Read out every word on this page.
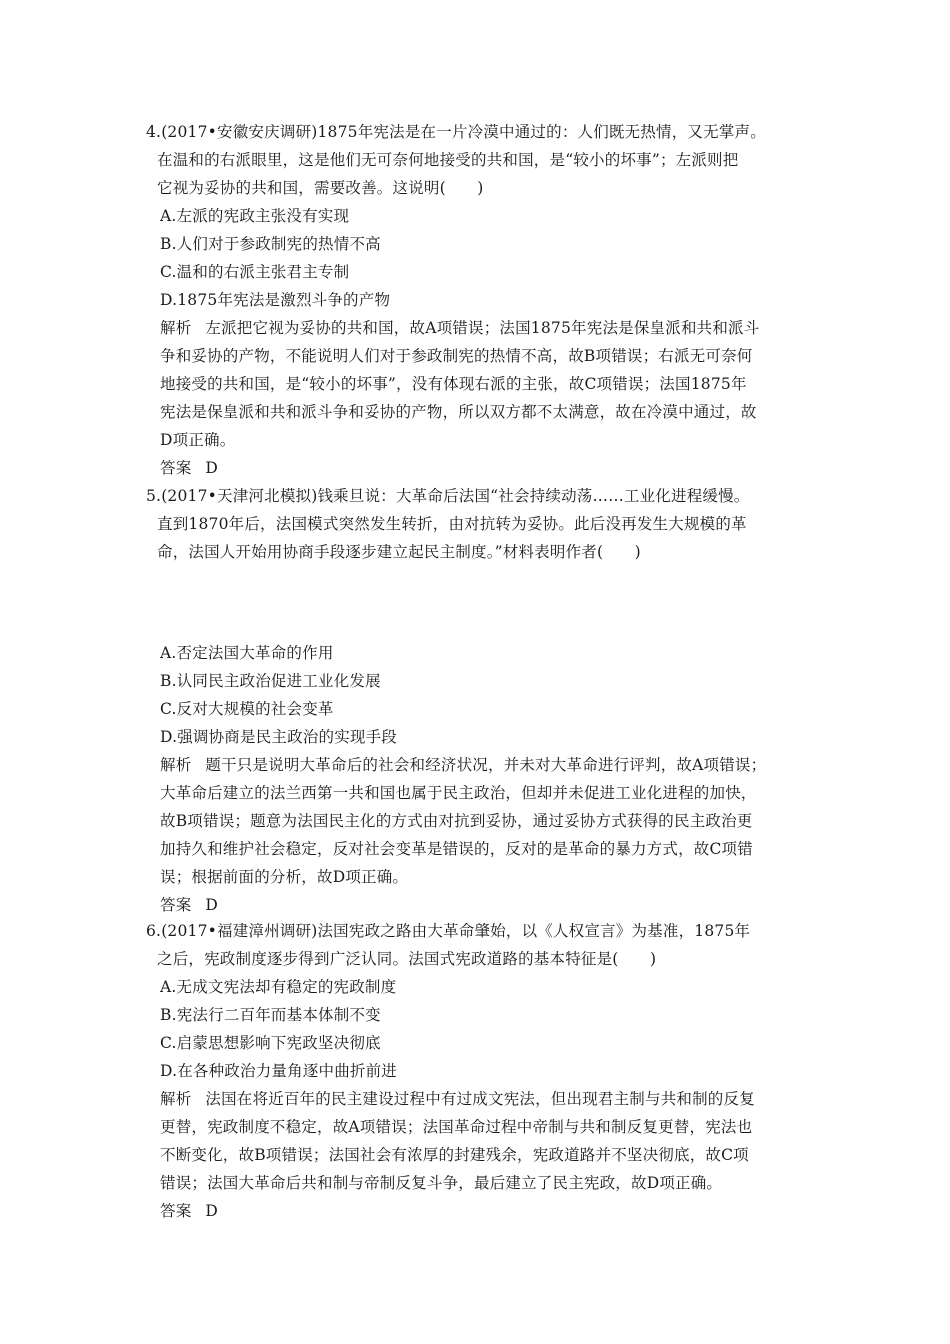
4.(2017•安徽安庆调研)1875年宪法是在一片冷漠中通过的：人们既无热情，又无掌声。
在温和的右派眼里，这是他们无可奈何地接受的共和国，是“较小的坏事”；左派则把
它视为妥协的共和国，需要改善。这说明(　　)
A.左派的宪政主张没有实现
B.人们对于参政制宪的热情不高
C.温和的右派主张君主专制
D.1875年宪法是激烈斗争的产物
解析 左派把它视为妥协的共和国，故A项错误；法国1875年宪法是保皇派和共和派斗
争和妥协的产物，不能说明人们对于参政制宪的热情不高，故B项错误；右派无可奈何
地接受的共和国，是“较小的坏事”，没有体现右派的主张，故C项错误；法国1875年
宪法是保皇派和共和派斗争和妥协的产物，所以双方都不太满意，故在冷漠中通过，故
D项正确。
答案 D
5.(2017•天津河北模拟)钱乘旦说：大革命后法国“社会持续动荡……工业化进程缓慢。
直到1870年后，法国模式突然发生转折，由对抗转为妥协。此后没再发生大规模的革
命，法国人开始用协商手段逐步建立起民主制度。”材料表明作者(　　)
A.否定法国大革命的作用
B.认同民主政治促进工业化发展
C.反对大规模的社会变革
D.强调协商是民主政治的实现手段
解析 题干只是说明大革命后的社会和经济状况，并未对大革命进行评判，故A项错误；
大革命后建立的法兰西第一共和国也属于民主政治，但却并未促进工业化进程的加快，
故B项错误；题意为法国民主化的方式由对抗到妥协，通过妥协方式获得的民主政治更
加持久和维护社会稳定，反对社会变革是错误的，反对的是革命的暴力方式，故C项错
误；根据前面的分析，故D项正确。
答案 D
6.(2017•福建漳州调研)法国宪政之路由大革命肇始，以《人权宣言》为基准，1875年
之后，宪政制度逐步得到广泛认同。法国式宪政道路的基本特征是(　　)
A.无成文宪法却有稳定的宪政制度
B.宪法行二百年而基本体制不变
C.启蒙思想影响下宪政坚决彻底
D.在各种政治力量角逐中曲折前进
解析 法国在将近百年的民主建设过程中有过成文宪法，但出现君主制与共和制的反复
更替，宪政制度不稳定，故A项错误；法国革命过程中帝制与共和制反复更替，宪法也
不断变化，故B项错误；法国社会有浓厚的封建残余，宪政道路并不坚决彻底，故C项
错误；法国大革命后共和制与帝制反复斗争，最后建立了民主宪政，故D项正确。
答案 D
